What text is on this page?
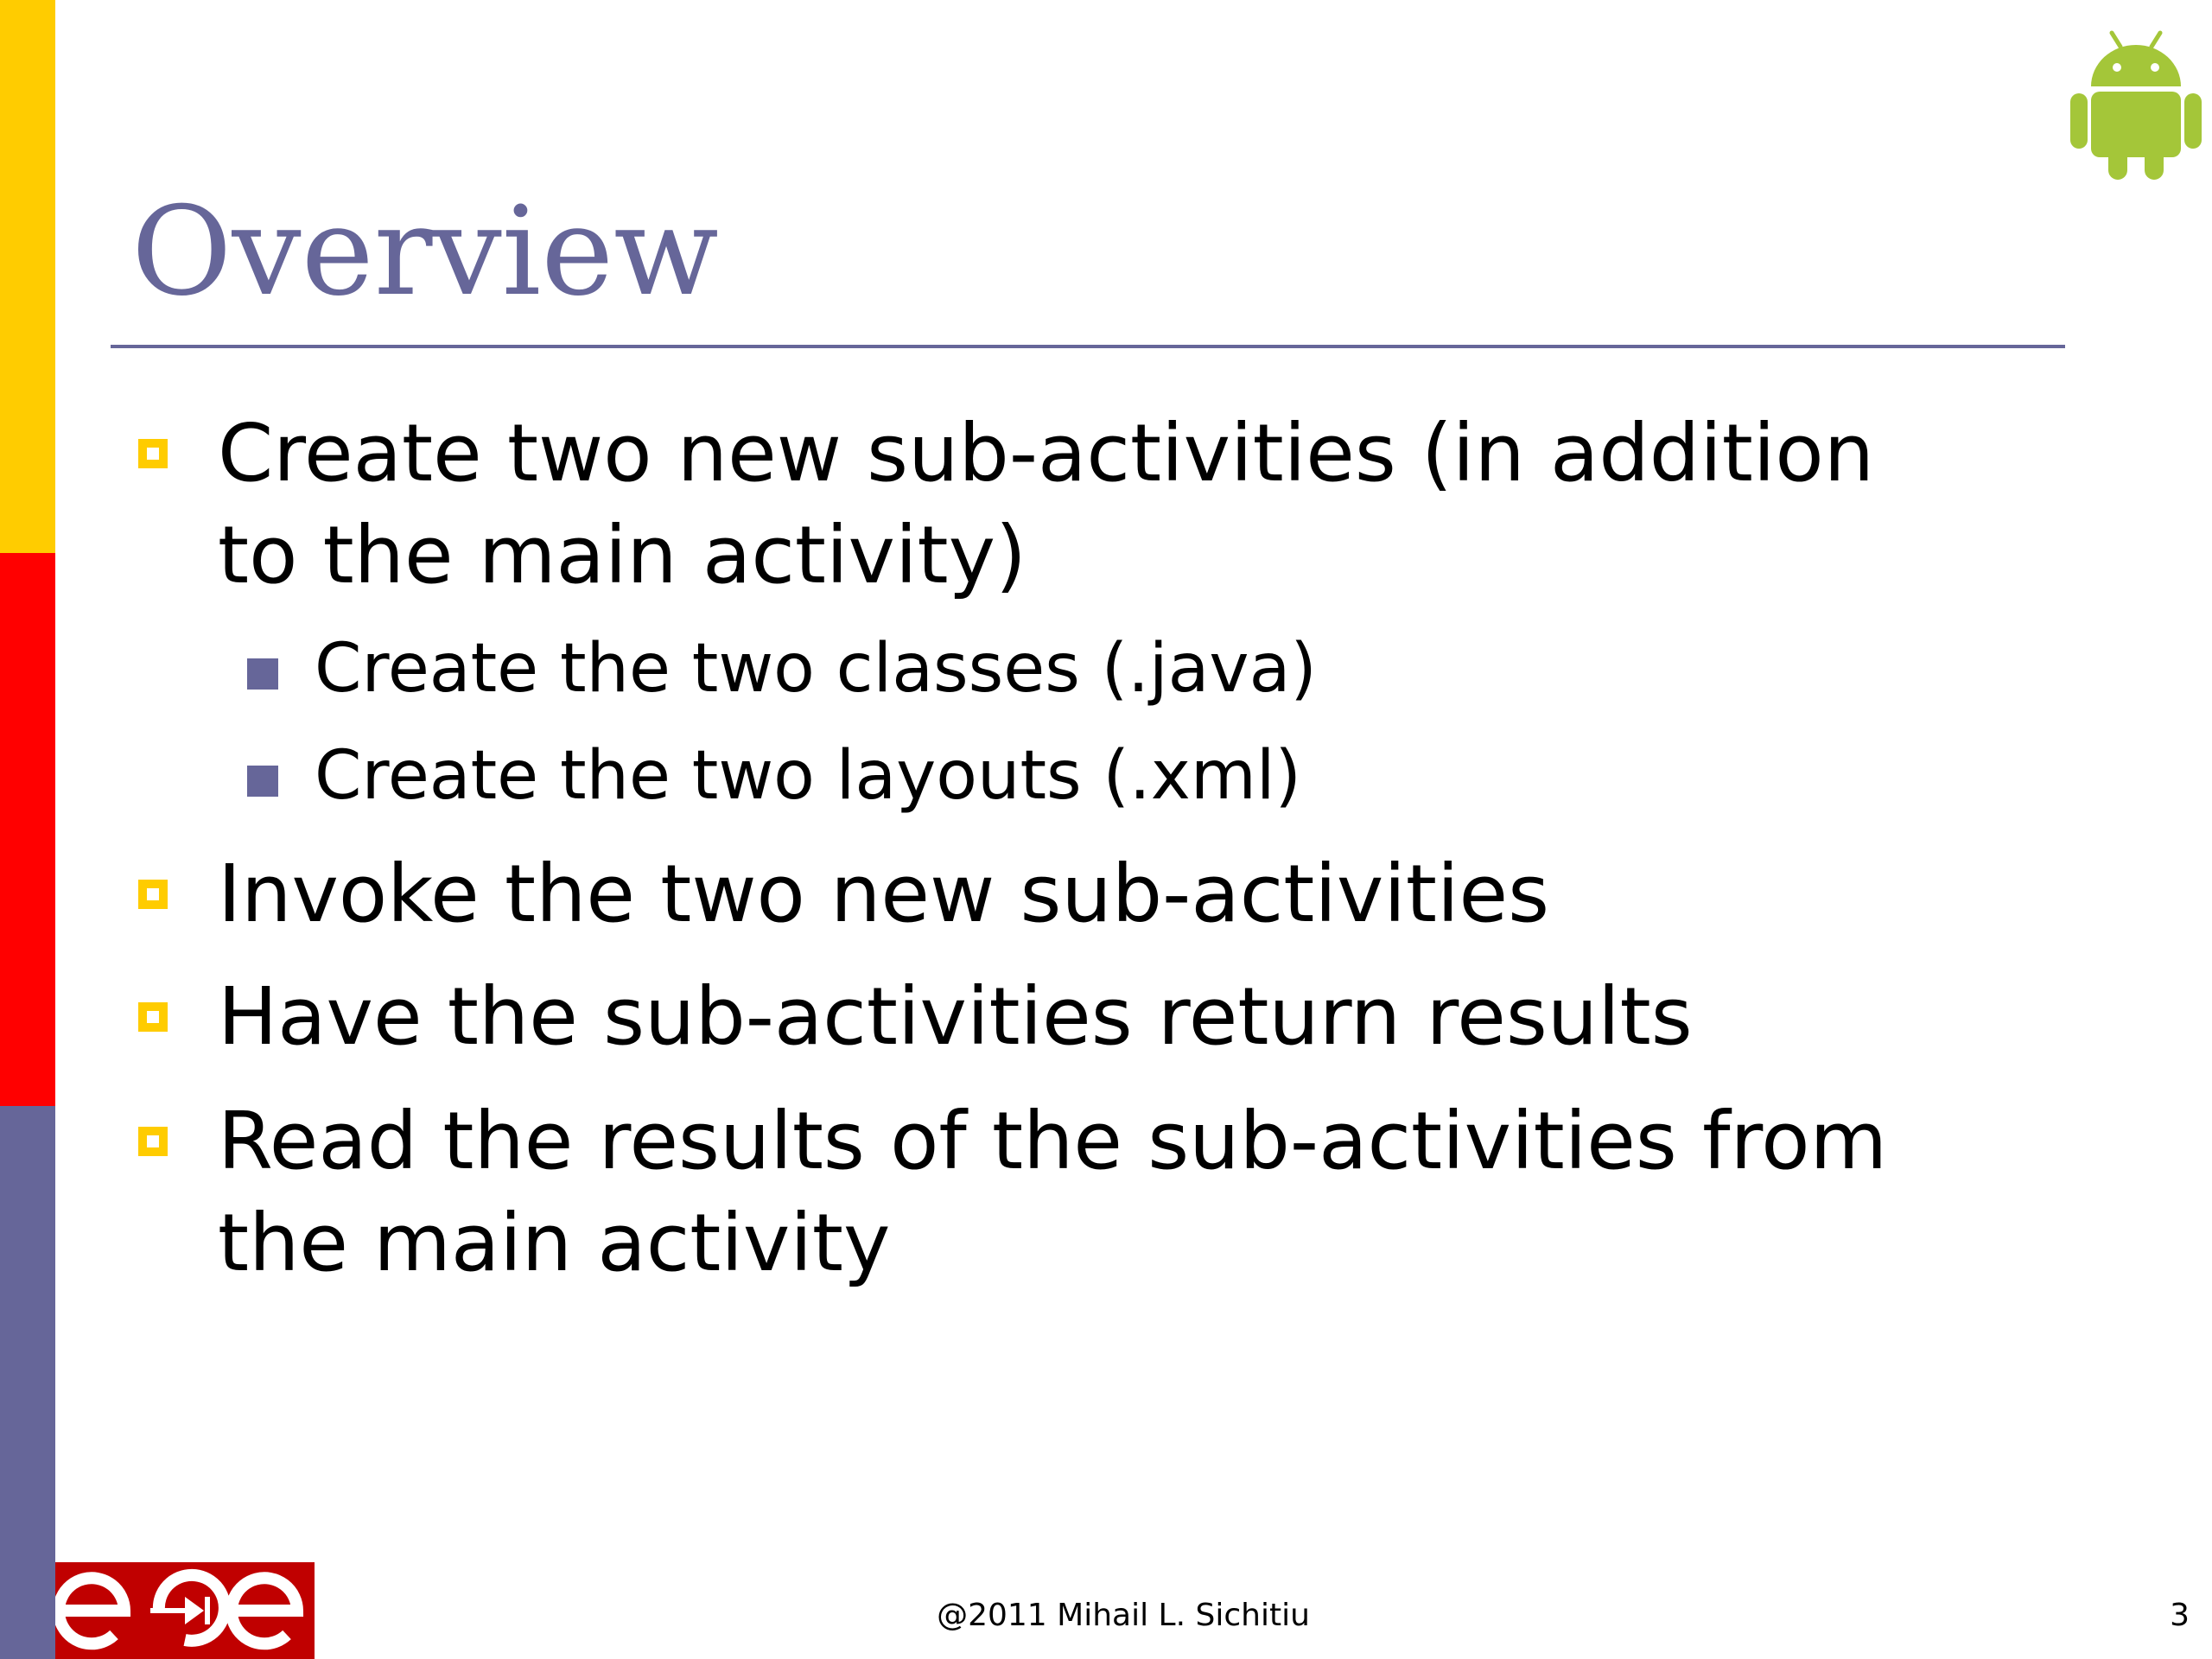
Overview
Create two new sub-activities (in addition
to the main activity)
Create the two classes (.java)
Create the two layouts (.xml)
Invoke the two new sub-activities
Have the sub-activities return results
Read the results of the sub-activities from
the main activity
@2011 Mihail L. Sichitiu	3
